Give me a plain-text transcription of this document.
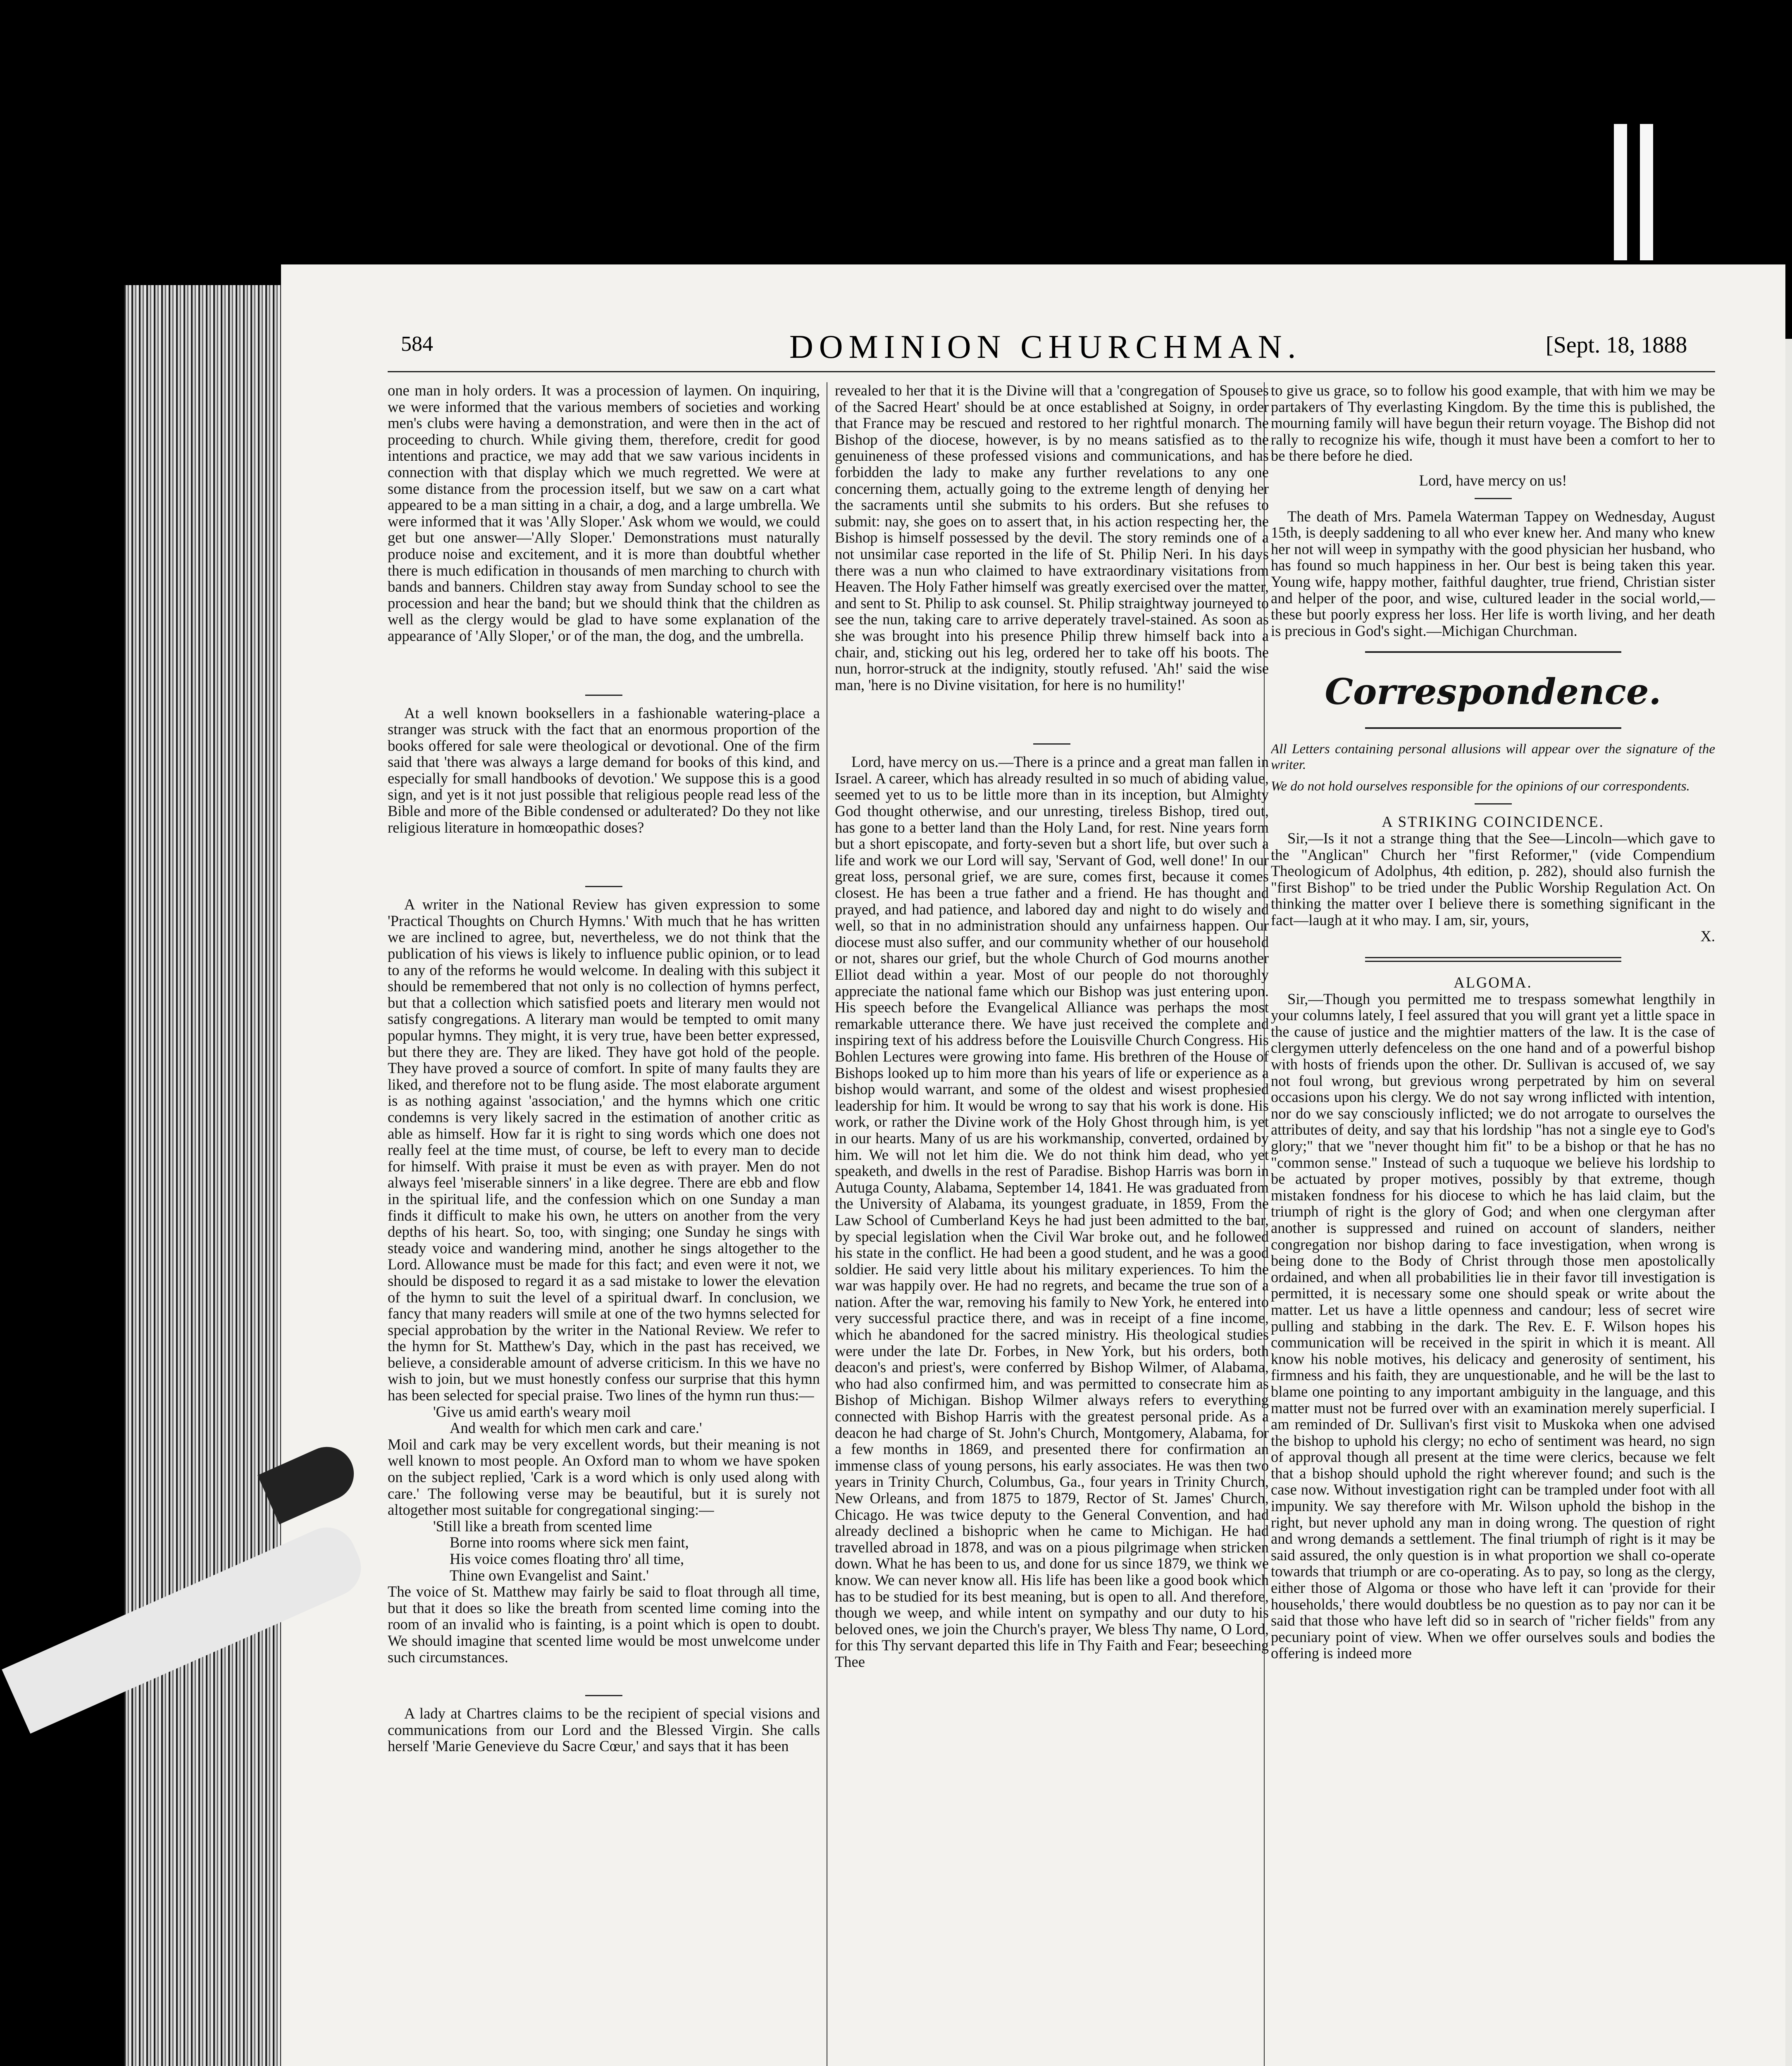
584	DOMINION CHURCHMAN.	[Sept. 18, 1888

one man in holy orders. It was a procession of laymen. On inquiring, we were informed that the various members of societies and working men's clubs were having a demonstration, and were then in the act of proceeding to church. While giving them, therefore, credit for good intentions and practice, we may add that we saw various incidents in connection with that display which we much regretted. We were at some distance from the procession itself, but we saw on a cart what appeared to be a man sitting in a chair, a dog, and a large umbrella. We were informed that it was 'Ally Sloper.' Ask whom we would, we could get but one answer—'Ally Sloper.' Demonstrations must naturally produce noise and excitement, and it is more than doubtful whether there is much edification in thousands of men marching to church with bands and banners. Children stay away from Sunday school to see the procession and hear the band; but we should think that the children as well as the clergy would be glad to have some explanation of the appearance of 'Ally Sloper,' or of the man, the dog, and the umbrella.

At a well known booksellers in a fashionable watering-place a stranger was struck with the fact that an enormous proportion of the books offered for sale were theological or devotional. One of the firm said that 'there was always a large demand for books of this kind, and especially for small handbooks of devotion.' We suppose this is a good sign, and yet is it not just possible that religious people read less of the Bible and more of the Bible condensed or adulterated? Do they not like religious literature in homœopathic doses?

A writer in the National Review has given expression to some 'Practical Thoughts on Church Hymns.' With much that he has written we are inclined to agree, but, nevertheless, we do not think that the publication of his views is likely to influence public opinion, or to lead to any of the reforms he would welcome. In dealing with this subject it should be remembered that not only is no collection of hymns perfect, but that a collection which satisfied poets and literary men would not satisfy congregations. A literary man would be tempted to omit many popular hymns. They might, it is very true, have been better expressed, but there they are. They are liked. They have got hold of the people. They have proved a source of comfort. In spite of many faults they are liked, and therefore not to be flung aside. The most elaborate argument is as nothing against 'association,' and the hymns which one critic condemns is very likely sacred in the estimation of another critic as able as himself. How far it is right to sing words which one does not really feel at the time must, of course, be left to every man to decide for himself. With praise it must be even as with prayer. Men do not always feel 'miserable sinners' in a like degree. There are ebb and flow in the spiritual life, and the confession which on one Sunday a man finds it difficult to make his own, he utters on another from the very depths of his heart. So, too, with singing; one Sunday he sings with steady voice and wandering mind, another he sings altogether to the Lord. Allowance must be made for this fact; and even were it not, we should be disposed to regard it as a sad mistake to lower the elevation of the hymn to suit the level of a spiritual dwarf. In conclusion, we fancy that many readers will smile at one of the two hymns selected for special approbation by the writer in the National Review. We refer to the hymn for St. Matthew's Day, which in the past has received, we believe, a considerable amount of adverse criticism. In this we have no wish to join, but we must honestly confess our surprise that this hymn has been selected for special praise. Two lines of the hymn run thus:—

'Give us amid earth's weary moil

And wealth for which men cark and care.'

Moil and cark may be very excellent words, but their meaning is not well known to most people. An Oxford man to whom we have spoken on the subject replied, 'Cark is a word which is only used along with care.' The following verse may be beautiful, but it is surely not altogether most suitable for congregational singing:—

'Still like a breath from scented lime

Borne into rooms where sick men faint,

His voice comes floating thro' all time,

Thine own Evangelist and Saint.'

The voice of St. Matthew may fairly be said to float through all time, but that it does so like the breath from scented lime coming into the room of an invalid who is fainting, is a point which is open to doubt. We should imagine that scented lime would be most unwelcome under such circumstances.

A lady at Chartres claims to be the recipient of special visions and communications from our Lord and the Blessed Virgin. She calls herself 'Marie Genevieve du Sacre Cœur,' and says that it has been

revealed to her that it is the Divine will that a 'congregation of Spouses of the Sacred Heart' should be at once established at Soigny, in order that France may be rescued and restored to her rightful monarch. The Bishop of the diocese, however, is by no means satisfied as to the genuineness of these professed visions and communications, and has forbidden the lady to make any further revelations to any one concerning them, actually going to the extreme length of denying her the sacraments until she submits to his orders. But she refuses to submit: nay, she goes on to assert that, in his action respecting her, the Bishop is himself possessed by the devil. The story reminds one of a not unsimilar case reported in the life of St. Philip Neri. In his days there was a nun who claimed to have extraordinary visitations from Heaven. The Holy Father himself was greatly exercised over the matter, and sent to St. Philip to ask counsel. St. Philip straightway journeyed to see the nun, taking care to arrive deperately travel-stained. As soon as she was brought into his presence Philip threw himself back into a chair, and, sticking out his leg, ordered her to take off his boots. The nun, horror-struck at the indignity, stoutly refused. 'Ah!' said the wise man, 'here is no Divine visitation, for here is no humility!'

Lord, have mercy on us.—There is a prince and a great man fallen in Israel. A career, which has already resulted in so much of abiding value, seemed yet to us to be little more than in its inception, but Almighty God thought otherwise, and our unresting, tireless Bishop, tired out, has gone to a better land than the Holy Land, for rest. Nine years form but a short episcopate, and forty-seven but a short life, but over such a life and work we our Lord will say, 'Servant of God, well done!' In our great loss, personal grief, we are sure, comes first, because it comes closest. He has been a true father and a friend. He has thought and prayed, and had patience, and labored day and night to do wisely and well, so that in no administration should any unfairness happen. Our diocese must also suffer, and our community whether of our household or not, shares our grief, but the whole Church of God mourns another Elliot dead within a year. Most of our people do not thoroughly appreciate the national fame which our Bishop was just entering upon. His speech before the Evangelical Alliance was perhaps the most remarkable utterance there. We have just received the complete and inspiring text of his address before the Louisville Church Congress. His Bohlen Lectures were growing into fame. His brethren of the House of Bishops looked up to him more than his years of life or experience as a bishop would warrant, and some of the oldest and wisest prophesied leadership for him. It would be wrong to say that his work is done. His work, or rather the Divine work of the Holy Ghost through him, is yet in our hearts. Many of us are his workmanship, converted, ordained by him. We will not let him die. We do not think him dead, who yet speaketh, and dwells in the rest of Paradise. Bishop Harris was born in Autuga County, Alabama, September 14, 1841. He was graduated from the University of Alabama, its youngest graduate, in 1859, From the Law School of Cumberland Keys he had just been admitted to the bar, by special legislation when the Civil War broke out, and he followed his state in the conflict. He had been a good student, and he was a good soldier. He said very little about his military experiences. To him the war was happily over. He had no regrets, and became the true son of a nation. After the war, removing his family to New York, he entered into very successful practice there, and was in receipt of a fine income, which he abandoned for the sacred ministry. His theological studies were under the late Dr. Forbes, in New York, but his orders, both deacon's and priest's, were conferred by Bishop Wilmer, of Alabama, who had also confirmed him, and was permitted to consecrate him as Bishop of Michigan. Bishop Wilmer always refers to everything connected with Bishop Harris with the greatest personal pride. As a deacon he had charge of St. John's Church, Montgomery, Alabama, for a few months in 1869, and presented there for confirmation an immense class of young persons, his early associates. He was then two years in Trinity Church, Columbus, Ga., four years in Trinity Church, New Orleans, and from 1875 to 1879, Rector of St. James' Church, Chicago. He was twice deputy to the General Convention, and had already declined a bishopric when he came to Michigan. He had travelled abroad in 1878, and was on a pious pilgrimage when stricken down. What he has been to us, and done for us since 1879, we think we know. We can never know all. His life has been like a good book which has to be studied for its best meaning, but is open to all. And therefore, though we weep, and while intent on sympathy and our duty to his beloved ones, we join the Church's prayer, We bless Thy name, O Lord, for this Thy servant departed this life in Thy Faith and Fear; beseeching Thee

to give us grace, so to follow his good example, that with him we may be partakers of Thy everlasting Kingdom. By the time this is published, the mourning family will have begun their return voyage. The Bishop did not rally to recognize his wife, though it must have been a comfort to her to be there before he died.

Lord, have mercy on us!

The death of Mrs. Pamela Waterman Tappey on Wednesday, August 15th, is deeply saddening to all who ever knew her. And many who knew her not will weep in sympathy with the good physician her husband, who has found so much happiness in her. Our best is being taken this year. Young wife, happy mother, faithful daughter, true friend, Christian sister and helper of the poor, and wise, cultured leader in the social world,—these but poorly express her loss. Her life is worth living, and her death is precious in God's sight.—Michigan Churchman.

Correspondence.

All Letters containing personal allusions will appear over the signature of the writer.

We do not hold ourselves responsible for the opinions of our correspondents.

A STRIKING COINCIDENCE.

Sir,—Is it not a strange thing that the See—Lincoln—which gave to the "Anglican" Church her "first Reformer," (vide Compendium Theologicum of Adolphus, 4th edition, p. 282), should also furnish the "first Bishop" to be tried under the Public Worship Regulation Act. On thinking the matter over I believe there is something significant in the fact—laugh at it who may. I am, sir, yours,

X.

ALGOMA.

Sir,—Though you permitted me to trespass somewhat lengthily in your columns lately, I feel assured that you will grant yet a little space in the cause of justice and the mightier matters of the law. It is the case of clergymen utterly defenceless on the one hand and of a powerful bishop with hosts of friends upon the other. Dr. Sullivan is accused of, we say not foul wrong, but grevious wrong perpetrated by him on several occasions upon his clergy. We do not say wrong inflicted with intention, nor do we say consciously inflicted; we do not arrogate to ourselves the attributes of deity, and say that his lordship "has not a single eye to God's glory;" that we "never thought him fit" to be a bishop or that he has no "common sense." Instead of such a tuquoque we believe his lordship to be actuated by proper motives, possibly by that extreme, though mistaken fondness for his diocese to which he has laid claim, but the triumph of right is the glory of God; and when one clergyman after another is suppressed and ruined on account of slanders, neither congregation nor bishop daring to face investigation, when wrong is being done to the Body of Christ through those men apostolically ordained, and when all probabilities lie in their favor till investigation is permitted, it is necessary some one should speak or write about the matter. Let us have a little openness and candour; less of secret wire pulling and stabbing in the dark. The Rev. E. F. Wilson hopes his communication will be received in the spirit in which it is meant. All know his noble motives, his delicacy and generosity of sentiment, his firmness and his faith, they are unquestionable, and he will be the last to blame one pointing to any important ambiguity in the language, and this matter must not be furred over with an examination merely superficial. I am reminded of Dr. Sullivan's first visit to Muskoka when one advised the bishop to uphold his clergy; no echo of sentiment was heard, no sign of approval though all present at the time were clerics, because we felt that a bishop should uphold the right wherever found; and such is the case now. Without investigation right can be trampled under foot with all impunity. We say therefore with Mr. Wilson uphold the bishop in the right, but never uphold any man in doing wrong. The question of right and wrong demands a settlement. The final triumph of right is it may be said assured, the only question is in what proportion we shall co-operate towards that triumph or are co-operating. As to pay, so long as the clergy, either those of Algoma or those who have left it can 'provide for their households,' there would doubtless be no question as to pay nor can it be said that those who have left did so in search of "richer fields" from any pecuniary point of view. When we offer ourselves souls and bodies the offering is indeed more
